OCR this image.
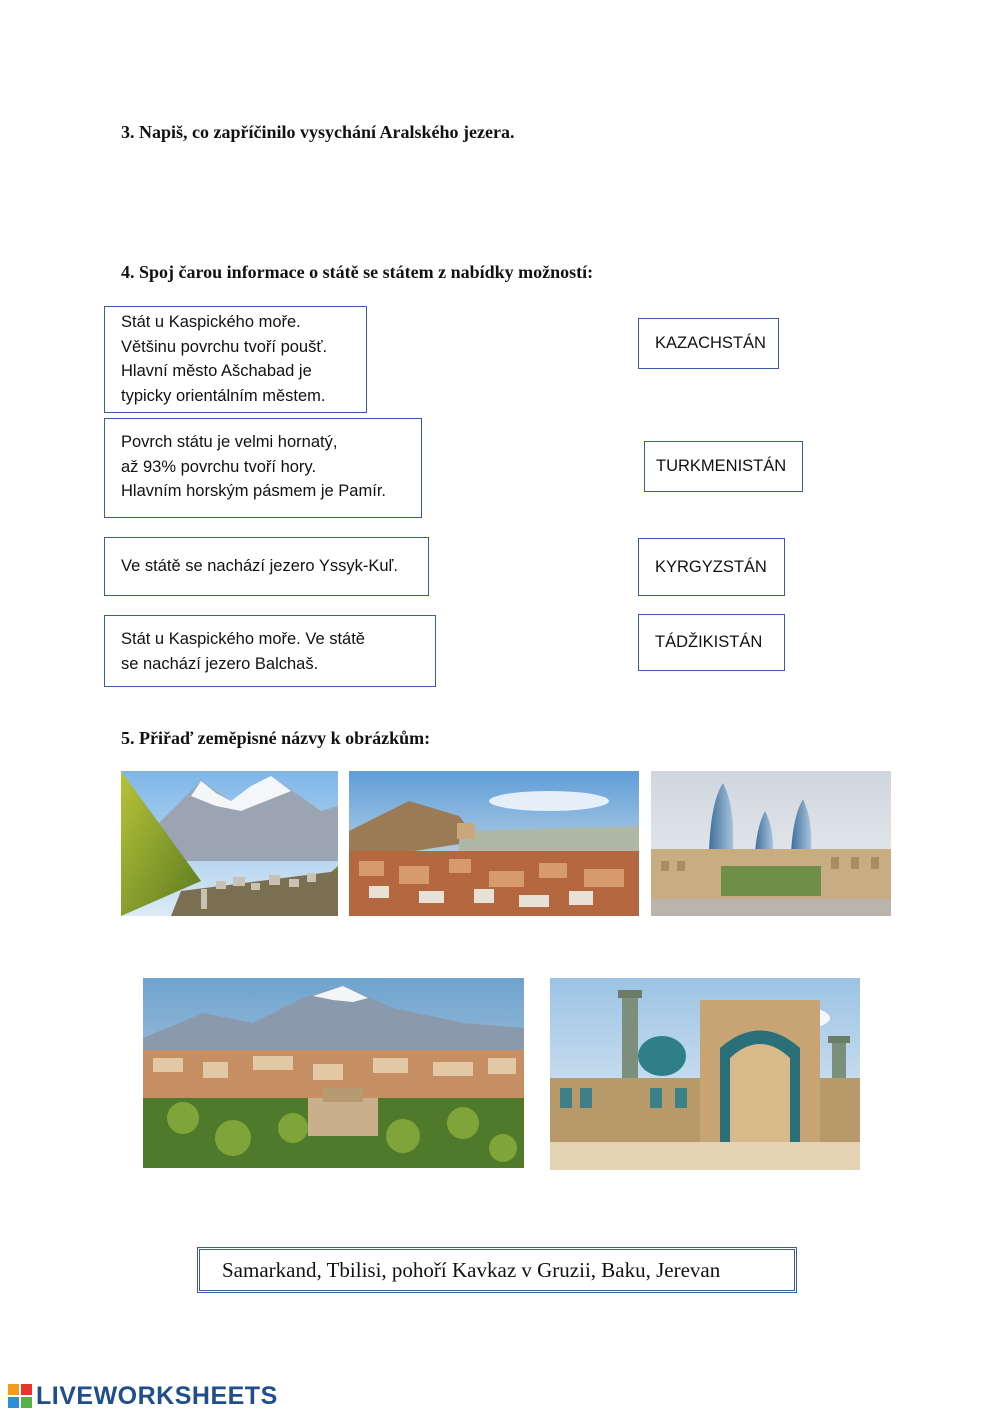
3. Napiš, co zapříčinilo vysychání Aralského jezera.
4. Spoj čarou informace o státě se státem z nabídky možností:
Stát u Kaspického moře.
Většinu povrchu tvoří poušť.
Hlavní město Ašchabad je
typicky orientálním městem.
Povrch státu je velmi hornatý,
až 93% povrchu tvoří hory.
Hlavním horským pásmem je Pamír.
Ve státě se nachází jezero Yssyk-Kuľ.
Stát u Kaspického moře. Ve státě
se nachází jezero Balchaš.
KAZACHSTÁN
TURKMENISTÁN
KYRGYZSTÁN
TÁDŽIKISTÁN
5. Přiřaď zeměpisné názvy k obrázkům:
Samarkand, Tbilisi, pohoří Kavkaz v Gruzii, Baku, Jerevan
LIVEWORKSHEETS
